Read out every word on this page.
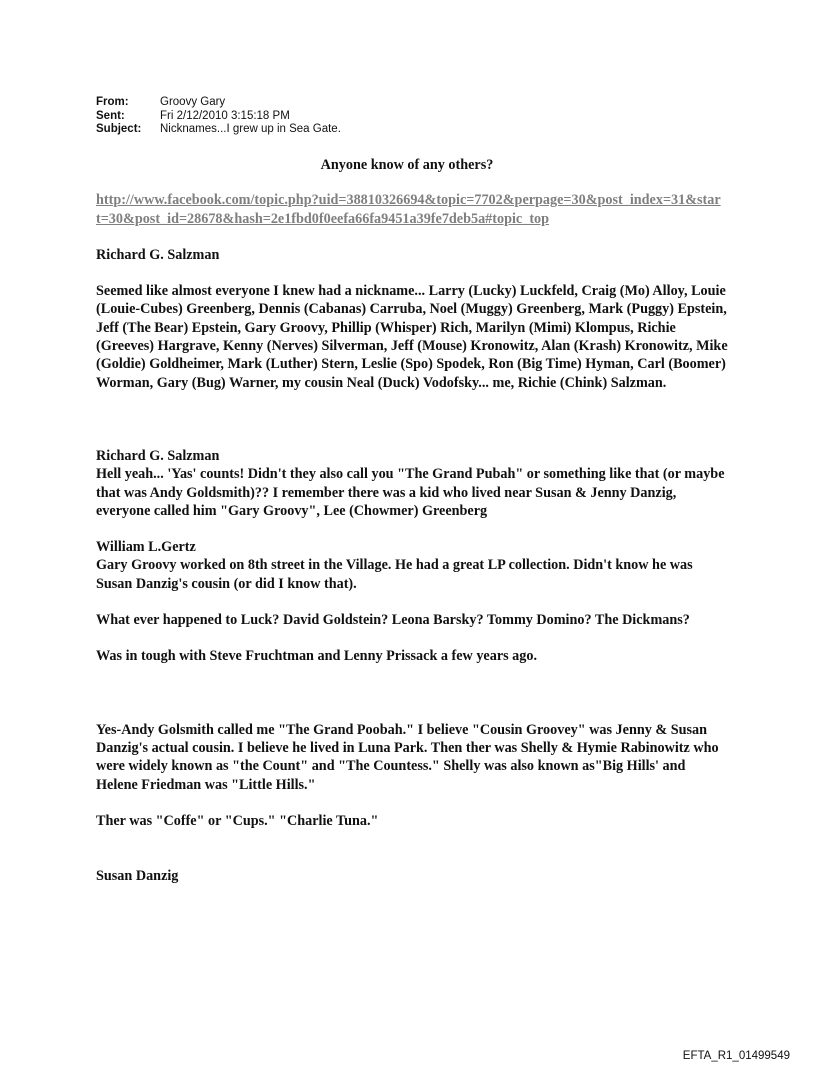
From:	Groovy Gary
Sent:	Fri 2/12/2010 3:15:18 PM
Subject:	Nicknames...I grew up in Sea Gate.

Anyone know of any others?

http://www.facebook.com/topic.php?uid=38810326694&topic=7702&perpage=30&post_index=31&start=30&post_id=28678&hash=2e1fbd0f0eefa66fa9451a39fe7deb5a#topic_top

Richard G. Salzman

Seemed like almost everyone I knew had a nickname... Larry (Lucky) Luckfeld, Craig (Mo) Alloy, Louie (Louie-Cubes) Greenberg, Dennis (Cabanas) Carruba, Noel (Muggy) Greenberg, Mark (Puggy) Epstein, Jeff (The Bear) Epstein, Gary Groovy, Phillip (Whisper) Rich, Marilyn (Mimi) Klompus, Richie (Greeves) Hargrave, Kenny (Nerves) Silverman, Jeff (Mouse) Kronowitz, Alan (Krash) Kronowitz, Mike (Goldie) Goldheimer, Mark (Luther) Stern, Leslie (Spo) Spodek, Ron (Big Time) Hyman, Carl (Boomer) Worman, Gary (Bug) Warner, my cousin Neal (Duck) Vodofsky... me, Richie (Chink) Salzman.

Richard G. Salzman

Hell yeah... 'Yas' counts! Didn't they also call you "The Grand Pubah" or something like that (or maybe that was Andy Goldsmith)?? I remember there was a kid who lived near Susan & Jenny Danzig, everyone called him "Gary Groovy", Lee (Chowmer) Greenberg

William L.Gertz

Gary Groovy worked on 8th street in the Village. He had a great LP collection. Didn't know he was Susan Danzig's cousin (or did I know that).

What ever happened to Luck? David Goldstein? Leona Barsky? Tommy Domino? The Dickmans?

Was in tough with Steve Fruchtman and Lenny Prissack a few years ago.

Yes-Andy Golsmith called me "The Grand Poobah." I believe "Cousin Groovey" was Jenny & Susan Danzig's actual cousin. I believe he lived in Luna Park. Then ther was Shelly & Hymie Rabinowitz who were widely known as "the Count" and "The Countess." Shelly was also known as"Big Hills' and Helene Friedman was "Little Hills."

Ther was "Coffe" or "Cups." "Charlie Tuna."

Susan Danzig

EFTA_R1_01499549
